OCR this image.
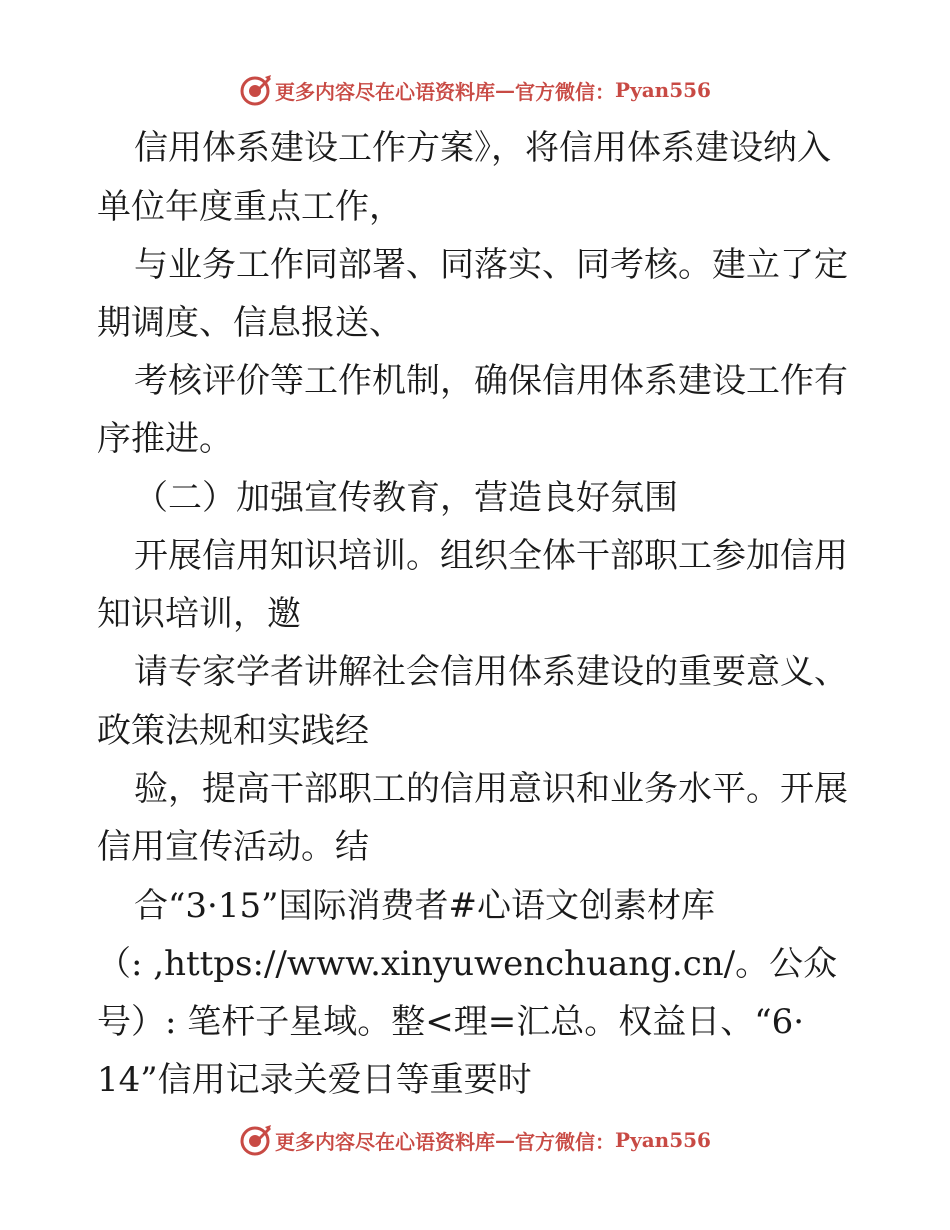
更多内容尽在心语资料库 — 官方微信： Pyan556
信用体系建设工作方案》，将信用体系建设纳入
单位年度重点工作，
与业务工作同部署、同落实、同考核。建立了定
期调度、信息报送、
考核评价等工作机制，确保信用体系建设工作有
序推进。
（二）加强宣传教育，营造良好氛围
开展信用知识培训。组织全体干部职工参加信用
知识培训，邀
请专家学者讲解社会信用体系建设的重要意义、
政策法规和实践经
验，提高干部职工的信用意识和业务水平。开展
信用宣传活动。结
合“3·15”国际消费者#心语文创素材库
（: ,https://www.xinyuwenchuang.cn/。公众
号）: 笔杆子星域。整<理=汇总。权益日、“6·
14”信用记录关爱日等重要时
更多内容尽在心语资料库 — 官方微信： Pyan556
